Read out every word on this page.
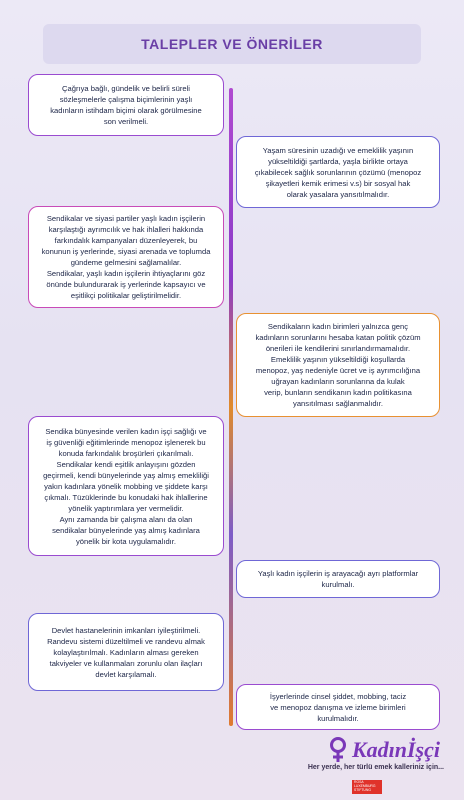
TALEPLER VE ÖNERİLER

Çağrıya bağlı, gündelik ve belirli süreli
sözleşmelerle çalışma biçimlerinin yaşlı
kadınların istihdam biçimi olarak görülmesine
son verilmeli.

Yaşam süresinin uzadığı ve emeklilik yaşının
yükseltildiği şartlarda, yaşla birlikte ortaya
çıkabilecek sağlık sorunlarının çözümü (menopoz
şikayetleri kemik erimesi v.s) bir sosyal hak
olarak yasalara yansıtılmalıdır.

Sendikalar ve siyasi partiler yaşlı kadın işçilerin
karşılaştığı ayrımcılık ve hak ihlalleri hakkında
farkındalık kampanyaları düzenleyerek, bu
konunun iş yerlerinde, siyasi arenada ve toplumda
gündeme gelmesini sağlamalılar.
Sendikalar, yaşlı kadın işçilerin ihtiyaçlarını göz
önünde bulundurarak iş yerlerinde kapsayıcı ve
eşitlikçi politikalar geliştirilmelidir.

Sendikaların kadın birimleri yalnızca genç
kadınların sorunlarını hesaba katan politik çözüm
önerileri ile kendilerini sınırlandırmamalıdır.
Emeklilik yaşının yükseltildiği koşullarda
menopoz, yaş nedeniyle ücret ve iş ayrımcılığına
uğrayan kadınların sorunlarına da kulak
verip, bunların sendikanın kadın politikasına
yansıtılması sağlanmalıdır.

Sendika bünyesinde verilen kadın işçi sağlığı ve
iş güvenliği eğitimlerinde menopoz işlenerek bu
konuda farkındalık broşürleri çıkarılmalı.
Sendikalar kendi eşitlik anlayışını gözden
geçirmeli, kendi bünyelerinde yaş almış emekliliği
yakın kadınlara yönelik mobbing ve şiddete karşı
çıkmalı. Tüzüklerinde bu konudaki hak ihlallerine
yönelik yaptırımlara yer vermelidir.
Aynı zamanda bir çalışma alanı da olan
sendikalar bünyelerinde yaş almış kadınlara
yönelik bir kota uygulamalıdır.

Yaşlı kadın işçilerin iş arayacağı ayrı platformlar
kurulmalı.

Devlet hastanelerinin imkanları iyileştirilmeli.
Randevu sistemi düzeltilmeli ve randevu almak
kolaylaştırılmalı. Kadınların alması gereken
takviyeler ve kullanmaları zorunlu olan ilaçları
devlet karşılamalı.

İşyerlerinde cinsel şiddet, mobbing, taciz
ve menopoz danışma ve izleme birimleri
kurulmalıdır.

Kadınİşçi
Her yerde, her türlü emek kalleriniz için...
ROSA
LUXEMBURG
STIFTUNG
